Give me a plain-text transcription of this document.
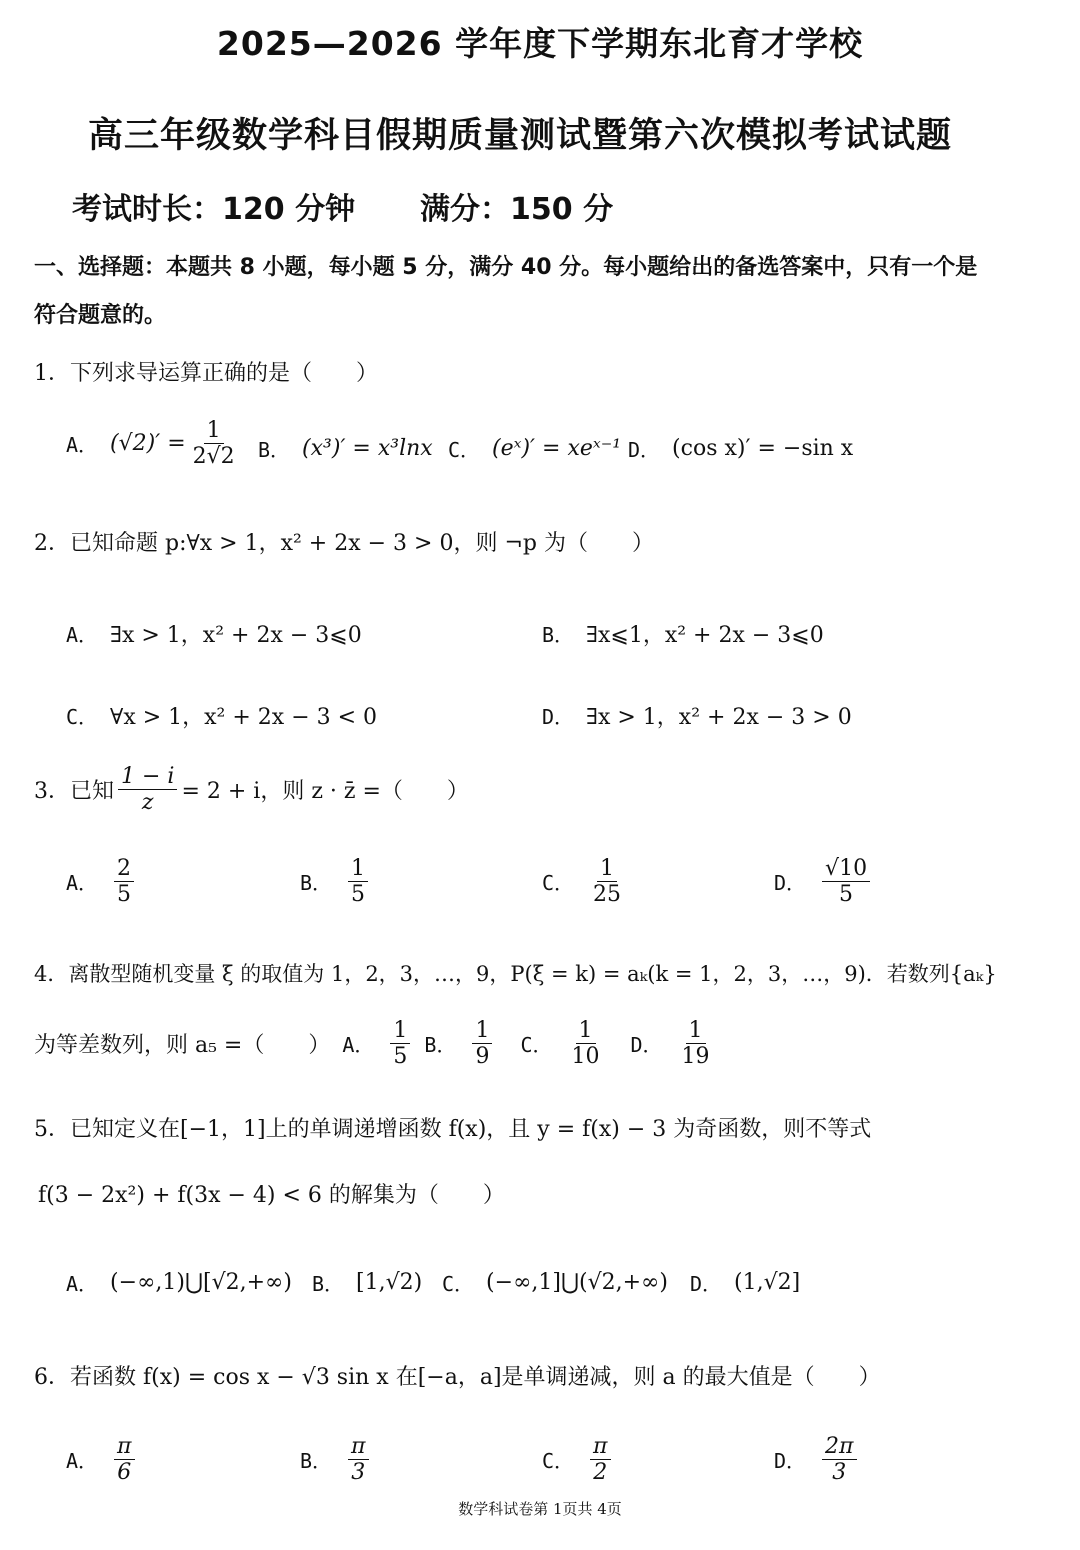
2025—2026 学年度下学期东北育才学校
高三年级数学科目假期质量测试暨第六次模拟考试试题
考试时长：120 分钟 满分：150 分
一、选择题：本题共 8 小题，每小题 5 分，满分 40 分。每小题给出的备选答案中，只有一个是
符合题意的。
1．下列求导运算正确的是（　　）
A． $(√2)' = \frac{1}{2√2}$ B． (x³)′ = x³lnx C． (eˣ)′ = xeˣ⁻¹ D． (cos x)′ = −sin x
2．已知命题 p:∀x > 1，x² + 2x − 3 > 0，则 ¬p 为（　　）
A． ∃x > 1，x² + 2x − 3⩽0	B． ∃x⩽1，x² + 2x − 3⩽0
C． ∀x > 1，x² + 2x − 3 < 0	D． ∃x > 1，x² + 2x − 3 > 0
3．已知 $\frac{1 - i}{z} = 2 + i$，则 z · z̄ =（　　）
A． $\frac{2}{5}$	B． $\frac{1}{5}$	C． $\frac{1}{25}$	D． $\frac{√10}{5}$
4．离散型随机变量 ξ 的取值为 1，2，3，…，9，P(ξ = k) = aₖ(k = 1，2，3，…，9)．若数列{aₖ}
为等差数列，则 a₅ =（　　） A． $\frac{1}{5}$ B． $\frac{1}{9}$ C． $\frac{1}{10}$ D． $\frac{1}{19}$
5．已知定义在[−1，1]上的单调递增函数 f(x)，且 y = f(x) − 3 为奇函数，则不等式
f(3 − 2x²) + f(3x − 4) < 6 的解集为（　　）
A． (−∞,1)⋃[√2,+∞) B． [1,√2) C． (−∞,1]⋃(√2,+∞) D． (1,√2]
6．若函数 f(x) = cos x − √3 sin x 在[−a，a]是单调递减，则 a 的最大值是（　　）
A． $\frac{\pi}{6}$	B． $\frac{\pi}{3}$	C． $\frac{\pi}{2}$	D． $\frac{2\pi}{3}$
数学科试卷第 1页共 4页
